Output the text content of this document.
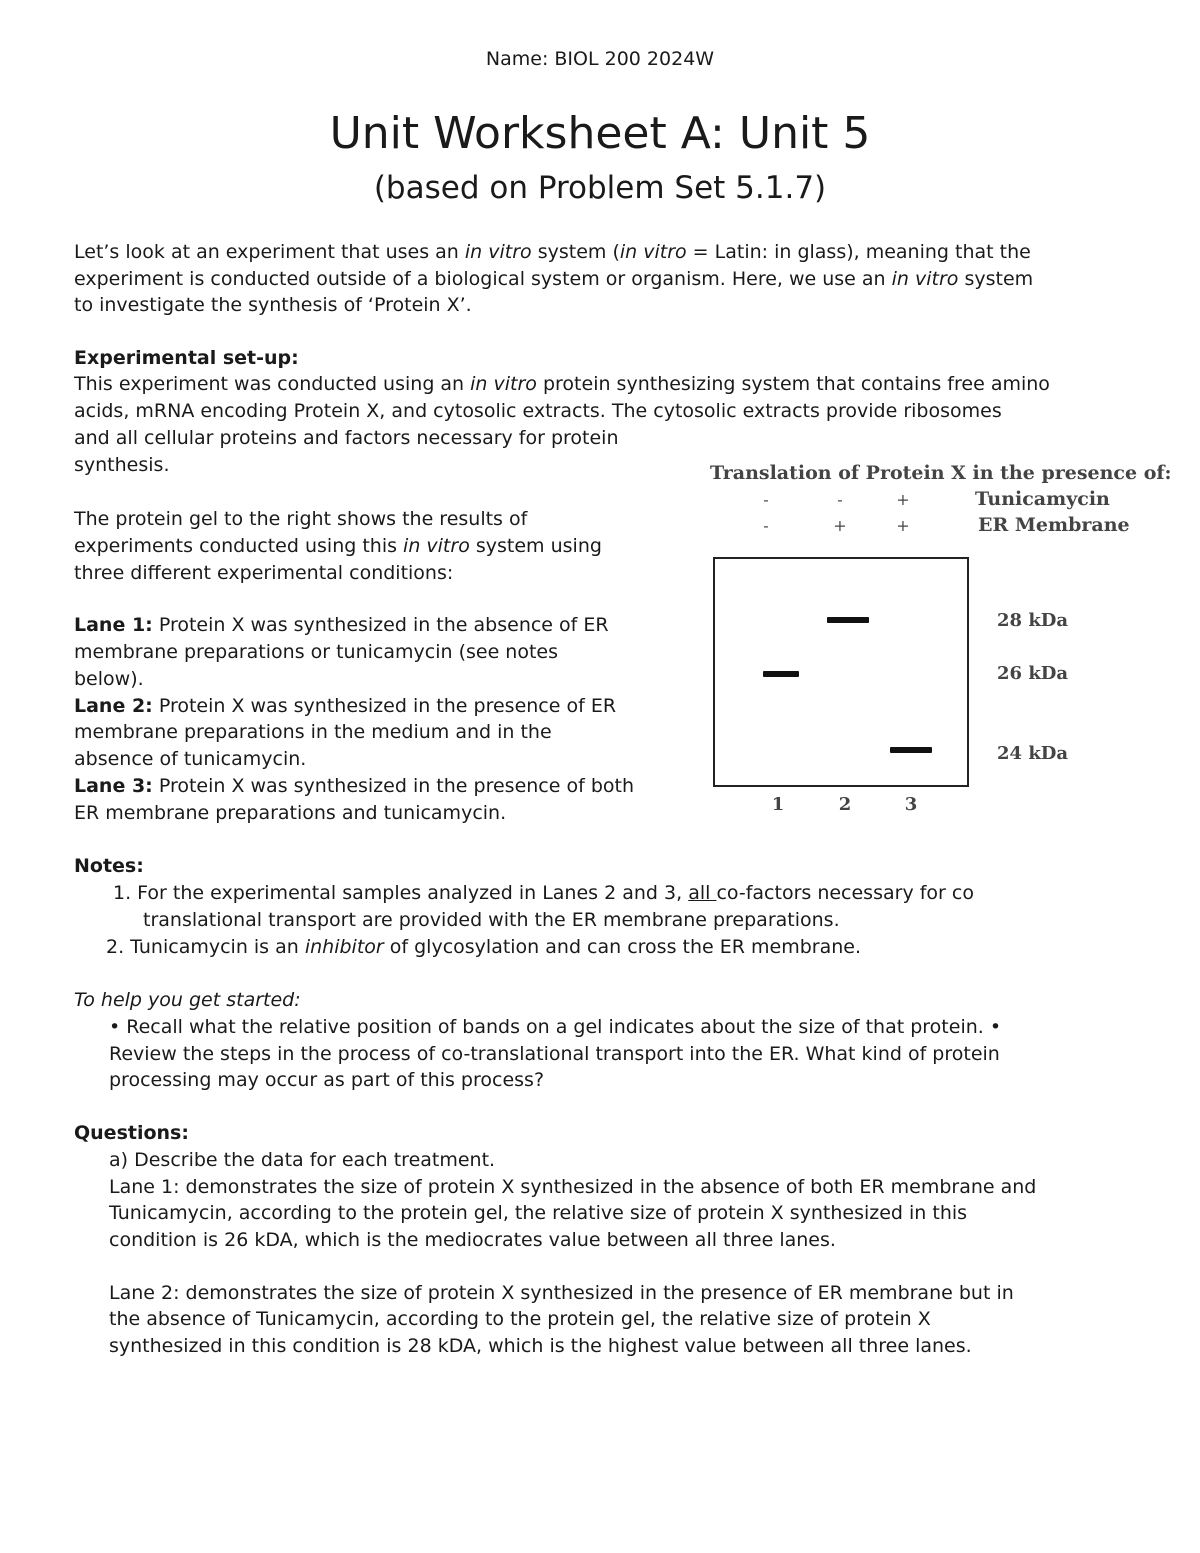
Name: BIOL 200 2024W
Unit Worksheet A: Unit 5
(based on Problem Set 5.1.7)
Let’s look at an experiment that uses an in vitro system (in vitro = Latin: in glass), meaning that the
experiment is conducted outside of a biological system or organism. Here, we use an in vitro system
to investigate the synthesis of ‘Protein X’.
Experimental set-up:
This experiment was conducted using an in vitro protein synthesizing system that contains free amino
acids, mRNA encoding Protein X, and cytosolic extracts. The cytosolic extracts provide ribosomes
and all cellular proteins and factors necessary for protein
synthesis.
The protein gel to the right shows the results of
experiments conducted using this in vitro system using
three different experimental conditions:
Lane 1: Protein X was synthesized in the absence of ER
membrane preparations or tunicamycin (see notes
below).
Lane 2: Protein X was synthesized in the presence of ER
membrane preparations in the medium and in the
absence of tunicamycin.
Lane 3: Protein X was synthesized in the presence of both
ER membrane preparations and tunicamycin.
Translation of Protein X in the presence of:
-	-	+	Tunicamycin
-	+	+	ER Membrane
28 kDa
26 kDa
24 kDa
1	2	3
Notes:
1. For the experimental samples analyzed in Lanes 2 and 3, all co-factors necessary for co
translational transport are provided with the ER membrane preparations.
2. Tunicamycin is an inhibitor of glycosylation and can cross the ER membrane.
To help you get started:
• Recall what the relative position of bands on a gel indicates about the size of that protein. •
Review the steps in the process of co-translational transport into the ER. What kind of protein
processing may occur as part of this process?
Questions:
a) Describe the data for each treatment.
Lane 1: demonstrates the size of protein X synthesized in the absence of both ER membrane and
Tunicamycin, according to the protein gel, the relative size of protein X synthesized in this
condition is 26 kDA, which is the mediocrates value between all three lanes.
Lane 2: demonstrates the size of protein X synthesized in the presence of ER membrane but in
the absence of Tunicamycin, according to the protein gel, the relative size of protein X
synthesized in this condition is 28 kDA, which is the highest value between all three lanes.
